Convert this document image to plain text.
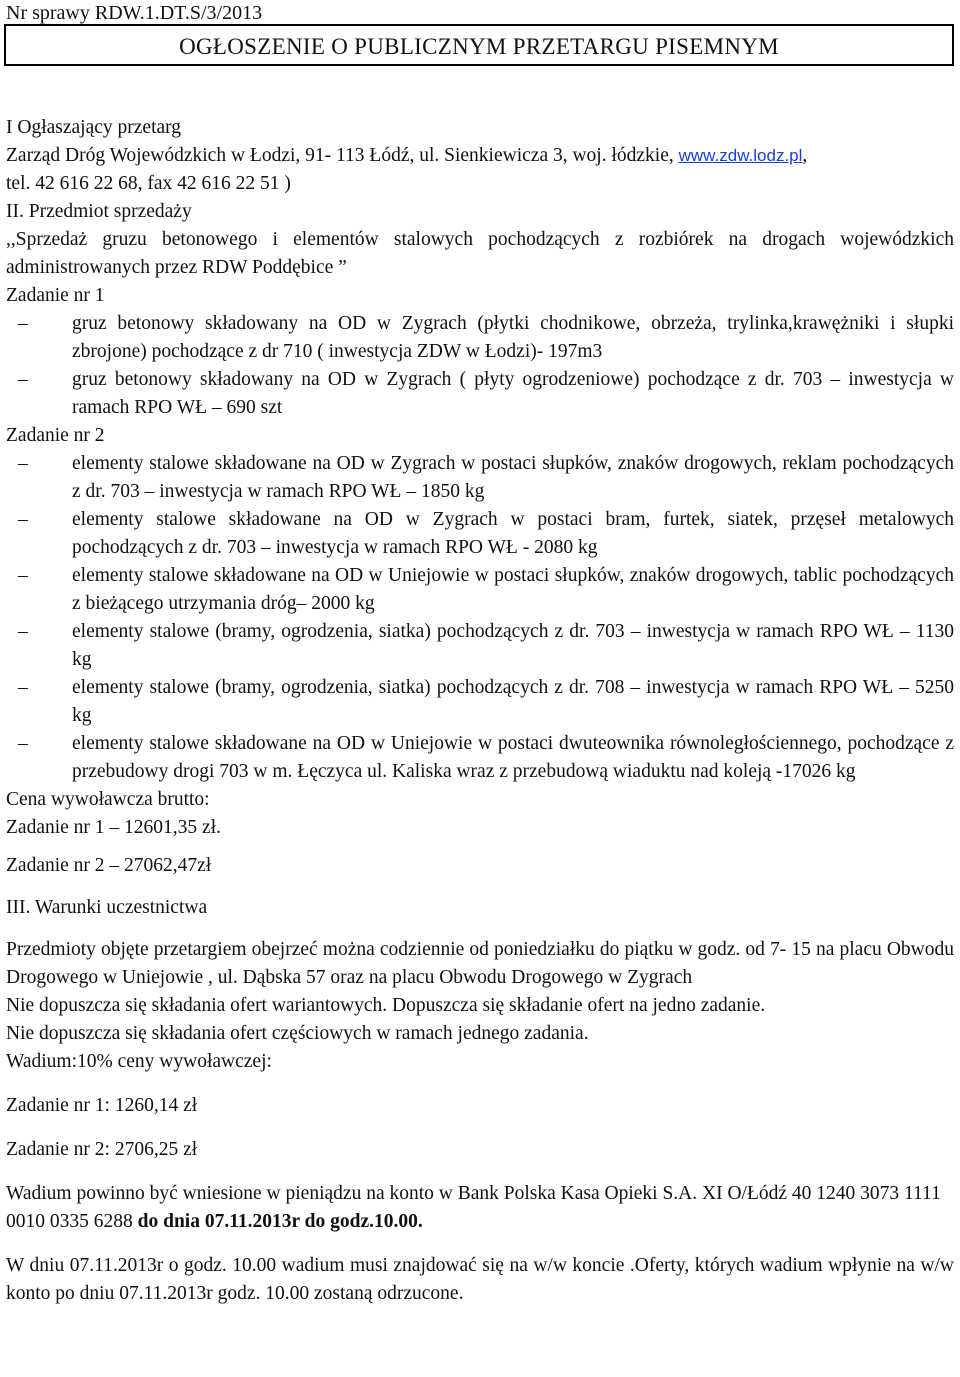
Nr sprawy RDW.1.DT.S/3/2013
OGŁOSZENIE O PUBLICZNYM PRZETARGU PISEMNYM

I Ogłaszający przetarg

Zarząd Dróg Wojewódzkich w Łodzi, 91- 113 Łódź, ul. Sienkiewicza 3, woj. łódzkie, www.zdw.lodz.pl,

tel. 42 616 22 68, fax 42 616 22 51 )

II. Przedmiot sprzedaży

,,Sprzedaż gruzu betonowego i elementów stalowych pochodzących z rozbiórek na drogach wojewódzkich administrowanych przez RDW Poddębice ”

Zadanie nr 1

– gruz betonowy składowany na OD w Zygrach (płytki chodnikowe, obrzeża, trylinka,krawężniki i słupki zbrojone) pochodzące z dr 710 ( inwestycja ZDW w Łodzi)- 197m3
– gruz betonowy składowany na OD w Zygrach ( płyty ogrodzeniowe) pochodzące z dr. 703 – inwestycja w ramach RPO WŁ – 690 szt

Zadanie nr 2

– elementy stalowe składowane na OD w Zygrach w postaci słupków, znaków drogowych, reklam pochodzących z dr. 703 – inwestycja w ramach RPO WŁ – 1850 kg
– elementy stalowe składowane na OD w Zygrach w postaci bram, furtek, siatek, przęseł metalowych pochodzących z dr. 703 – inwestycja w ramach RPO WŁ - 2080 kg
– elementy stalowe składowane na OD w Uniejowie w postaci słupków, znaków drogowych, tablic pochodzących z bieżącego utrzymania dróg– 2000 kg
– elementy stalowe (bramy, ogrodzenia, siatka) pochodzących z dr. 703 – inwestycja w ramach RPO WŁ – 1130 kg
– elementy stalowe (bramy, ogrodzenia, siatka) pochodzących z dr. 708 – inwestycja w ramach RPO WŁ – 5250 kg
– elementy stalowe składowane na OD w Uniejowie w postaci dwuteownika równoległościennego, pochodzące z przebudowy drogi 703 w m. Łęczyca ul. Kaliska wraz z przebudową wiaduktu nad koleją -17026 kg

Cena wywoławcza brutto:

Zadanie nr 1 – 12601,35 zł.

Zadanie nr 2 – 27062,47zł

III. Warunki uczestnictwa

Przedmioty objęte przetargiem obejrzeć można codziennie od poniedziałku do piątku w godz. od 7- 15 na placu Obwodu Drogowego w Uniejowie , ul. Dąbska 57 oraz na placu Obwodu Drogowego w Zygrach

Nie dopuszcza się składania ofert wariantowych. Dopuszcza się składanie ofert na jedno zadanie.

Nie dopuszcza się składania ofert częściowych w ramach jednego zadania.

Wadium:10% ceny wywoławczej:

Zadanie nr 1: 1260,14 zł

Zadanie nr 2: 2706,25 zł

Wadium powinno być wniesione w pieniądzu na konto w Bank Polska Kasa Opieki S.A. XI O/Łódź 40 1240 3073 1111 0010 0335 6288 do dnia 07.11.2013r do godz.10.00.

W dniu 07.11.2013r o godz. 10.00 wadium musi znajdować się na w/w koncie .Oferty, których wadium wpłynie na w/w konto po dniu 07.11.2013r godz. 10.00 zostaną odrzucone.
